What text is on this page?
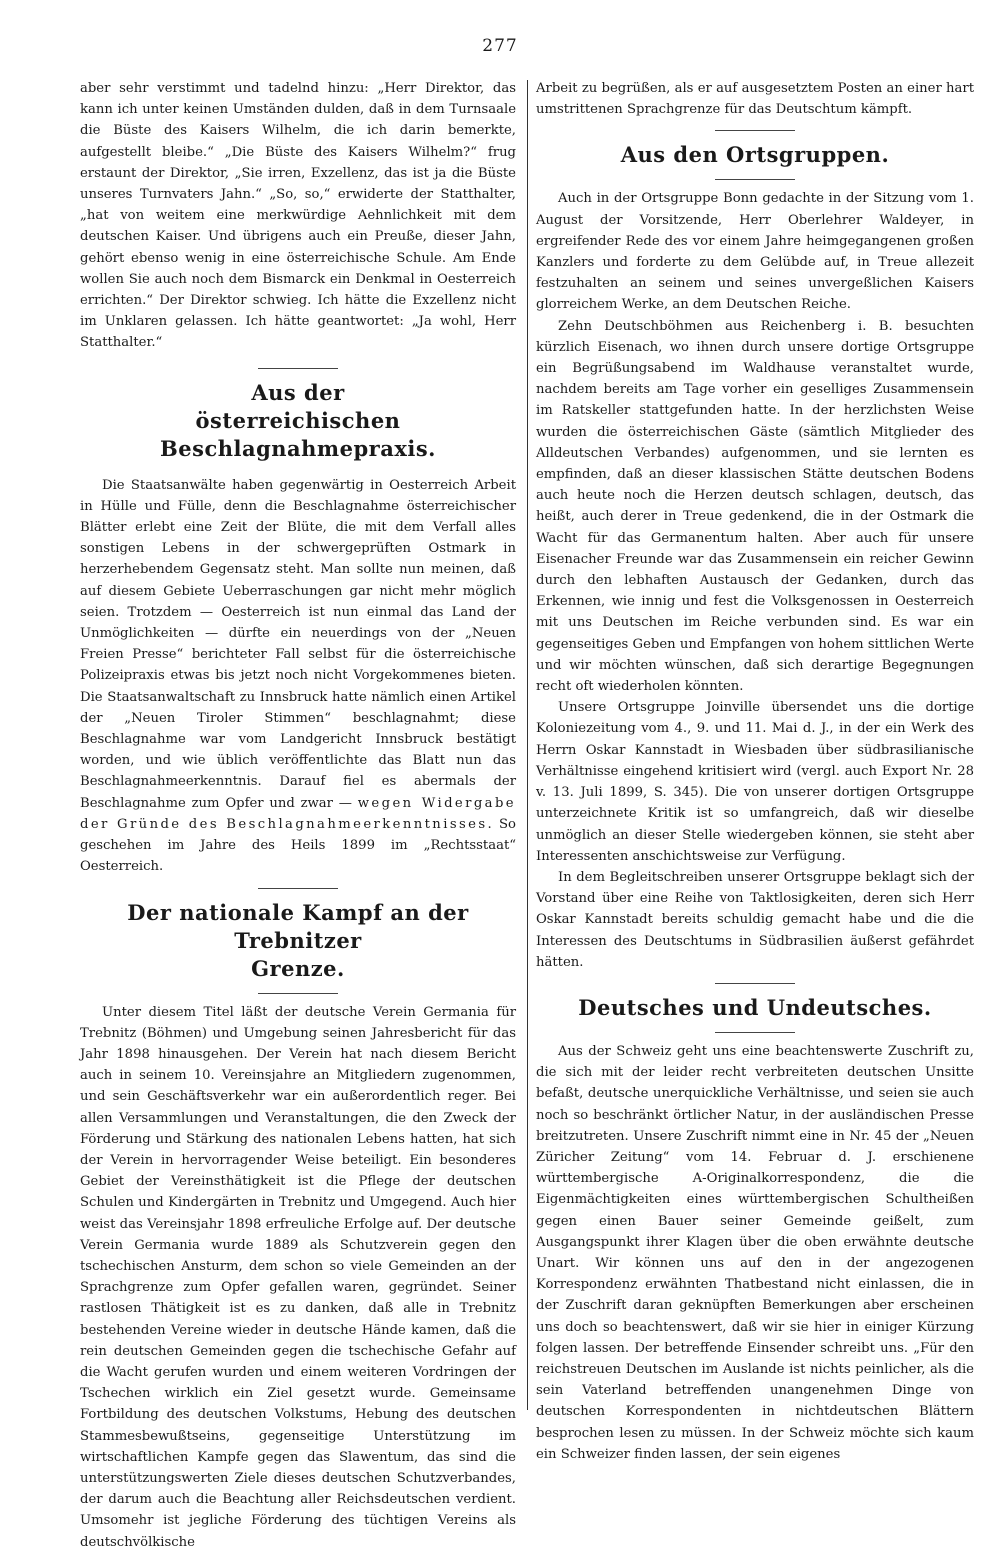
277

aber sehr verstimmt und tadelnd hinzu: „Herr Direktor, das kann ich unter keinen Umständen dulden, daß in dem Turnsaale die Büste des Kaisers Wilhelm, die ich darin bemerkte, aufgestellt bleibe.“ „Die Büste des Kaisers Wilhelm?“ frug erstaunt der Direktor, „Sie irren, Exzellenz, das ist ja die Büste unseres Turnvaters Jahn.“ „So, so,“ erwiderte der Statthalter, „hat von weitem eine merkwürdige Aehnlichkeit mit dem deutschen Kaiser. Und übrigens auch ein Preuße, dieser Jahn, gehört ebenso wenig in eine österreichische Schule. Am Ende wollen Sie auch noch dem Bismarck ein Denkmal in Oesterreich errichten.“ Der Direktor schwieg. Ich hätte die Exzellenz nicht im Unklaren gelassen. Ich hätte geantwortet: „Ja wohl, Herr Statthalter.“

Aus der
österreichischen Beschlagnahmepraxis.

Die Staatsanwälte haben gegenwärtig in Oesterreich Arbeit in Hülle und Fülle, denn die Beschlagnahme österreichischer Blätter erlebt eine Zeit der Blüte, die mit dem Verfall alles sonstigen Lebens in der schwergeprüften Ostmark in herzerhebendem Gegensatz steht. Man sollte nun meinen, daß auf diesem Gebiete Ueberraschungen gar nicht mehr möglich seien. Trotzdem — Oesterreich ist nun einmal das Land der Unmöglichkeiten — dürfte ein neuerdings von der „Neuen Freien Presse“ berichteter Fall selbst für die österreichische Polizeipraxis etwas bis jetzt noch nicht Vorgekommenes bieten. Die Staatsanwaltschaft zu Innsbruck hatte nämlich einen Artikel der „Neuen Tiroler Stimmen“ beschlagnahmt; diese Beschlagnahme war vom Landgericht Innsbruck bestätigt worden, und wie üblich veröffentlichte das Blatt nun das Beschlagnahmeerkenntnis. Darauf fiel es abermals der Beschlagnahme zum Opfer und zwar — wegen Widergabe der Gründe des Beschlagnahmeerkenntnisses. So geschehen im Jahre des Heils 1899 im „Rechtsstaat“ Oesterreich.

Der nationale Kampf an der Trebnitzer
Grenze.

Unter diesem Titel läßt der deutsche Verein Germania für Trebnitz (Böhmen) und Umgebung seinen Jahresbericht für das Jahr 1898 hinausgehen. Der Verein hat nach diesem Bericht auch in seinem 10. Vereinsjahre an Mitgliedern zugenommen, und sein Geschäftsverkehr war ein außerordentlich reger. Bei allen Versammlungen und Veranstaltungen, die den Zweck der Förderung und Stärkung des nationalen Lebens hatten, hat sich der Verein in hervorragender Weise beteiligt. Ein besonderes Gebiet der Vereinsthätigkeit ist die Pflege der deutschen Schulen und Kindergärten in Trebnitz und Umgegend. Auch hier weist das Vereinsjahr 1898 erfreuliche Erfolge auf. Der deutsche Verein Germania wurde 1889 als Schutzverein gegen den tschechischen Ansturm, dem schon so viele Gemeinden an der Sprachgrenze zum Opfer gefallen waren, gegründet. Seiner rastlosen Thätigkeit ist es zu danken, daß alle in Trebnitz bestehenden Vereine wieder in deutsche Hände kamen, daß die rein deutschen Gemeinden gegen die tschechische Gefahr auf die Wacht gerufen wurden und einem weiteren Vordringen der Tschechen wirklich ein Ziel gesetzt wurde. Gemeinsame Fortbildung des deutschen Volkstums, Hebung des deutschen Stammesbewußtseins, gegenseitige Unterstützung im wirtschaftlichen Kampfe gegen das Slawentum, das sind die unterstützungswerten Ziele dieses deutschen Schutzverbandes, der darum auch die Beachtung aller Reichsdeutschen verdient. Umsomehr ist jegliche Förderung des tüchtigen Vereins als deutschvölkische

Arbeit zu begrüßen, als er auf ausgesetztem Posten an einer hart umstrittenen Sprachgrenze für das Deutschtum kämpft.

Aus den Ortsgruppen.

Auch in der Ortsgruppe Bonn gedachte in der Sitzung vom 1. August der Vorsitzende, Herr Oberlehrer Waldeyer, in ergreifender Rede des vor einem Jahre heimgegangenen großen Kanzlers und forderte zu dem Gelübde auf, in Treue allezeit festzuhalten an seinem und seines unvergeßlichen Kaisers glorreichem Werke, an dem Deutschen Reiche.

Zehn Deutschböhmen aus Reichenberg i. B. besuchten kürzlich Eisenach, wo ihnen durch unsere dortige Ortsgruppe ein Begrüßungsabend im Waldhause veranstaltet wurde, nachdem bereits am Tage vorher ein geselliges Zusammensein im Ratskeller stattgefunden hatte. In der herzlichsten Weise wurden die österreichischen Gäste (sämtlich Mitglieder des Alldeutschen Verbandes) aufgenommen, und sie lernten es empfinden, daß an dieser klassischen Stätte deutschen Bodens auch heute noch die Herzen deutsch schlagen, deutsch, das heißt, auch derer in Treue gedenkend, die in der Ostmark die Wacht für das Germanentum halten. Aber auch für unsere Eisenacher Freunde war das Zusammensein ein reicher Gewinn durch den lebhaften Austausch der Gedanken, durch das Erkennen, wie innig und fest die Volksgenossen in Oesterreich mit uns Deutschen im Reiche verbunden sind. Es war ein gegenseitiges Geben und Empfangen von hohem sittlichen Werte und wir möchten wünschen, daß sich derartige Begegnungen recht oft wiederholen könnten.

Unsere Ortsgruppe Joinville übersendet uns die dortige Koloniezeitung vom 4., 9. und 11. Mai d. J., in der ein Werk des Herrn Oskar Kannstadt in Wiesbaden über südbrasilianische Verhältnisse eingehend kritisiert wird (vergl. auch Export Nr. 28 v. 13. Juli 1899, S. 345). Die von unserer dortigen Ortsgruppe unterzeichnete Kritik ist so umfangreich, daß wir dieselbe unmöglich an dieser Stelle wiedergeben können, sie steht aber Interessenten anschichtsweise zur Verfügung.

In dem Begleitschreiben unserer Ortsgruppe beklagt sich der Vorstand über eine Reihe von Taktlosigkeiten, deren sich Herr Oskar Kannstadt bereits schuldig gemacht habe und die die Interessen des Deutschtums in Südbrasilien äußerst gefährdet hätten.

Deutsches und Undeutsches.

Aus der Schweiz geht uns eine beachtenswerte Zuschrift zu, die sich mit der leider recht verbreiteten deutschen Unsitte befaßt, deutsche unerquickliche Verhältnisse, und seien sie auch noch so beschränkt örtlicher Natur, in der ausländischen Presse breitzutreten. Unsere Zuschrift nimmt eine in Nr. 45 der „Neuen Züricher Zeitung“ vom 14. Februar d. J. erschienene württembergische A-Originalkorrespondenz, die die Eigenmächtigkeiten eines württembergischen Schultheißen gegen einen Bauer seiner Gemeinde geißelt, zum Ausgangspunkt ihrer Klagen über die oben erwähnte deutsche Unart. Wir können uns auf den in der angezogenen Korrespondenz erwähnten Thatbestand nicht einlassen, die in der Zuschrift daran geknüpften Bemerkungen aber erscheinen uns doch so beachtenswert, daß wir sie hier in einiger Kürzung folgen lassen. Der betreffende Einsender schreibt uns. „Für den reichstreuen Deutschen im Auslande ist nichts peinlicher, als die sein Vaterland betreffenden unangenehmen Dinge von deutschen Korrespondenten in nichtdeutschen Blättern besprochen lesen zu müssen. In der Schweiz möchte sich kaum ein Schweizer finden lassen, der sein eigenes
